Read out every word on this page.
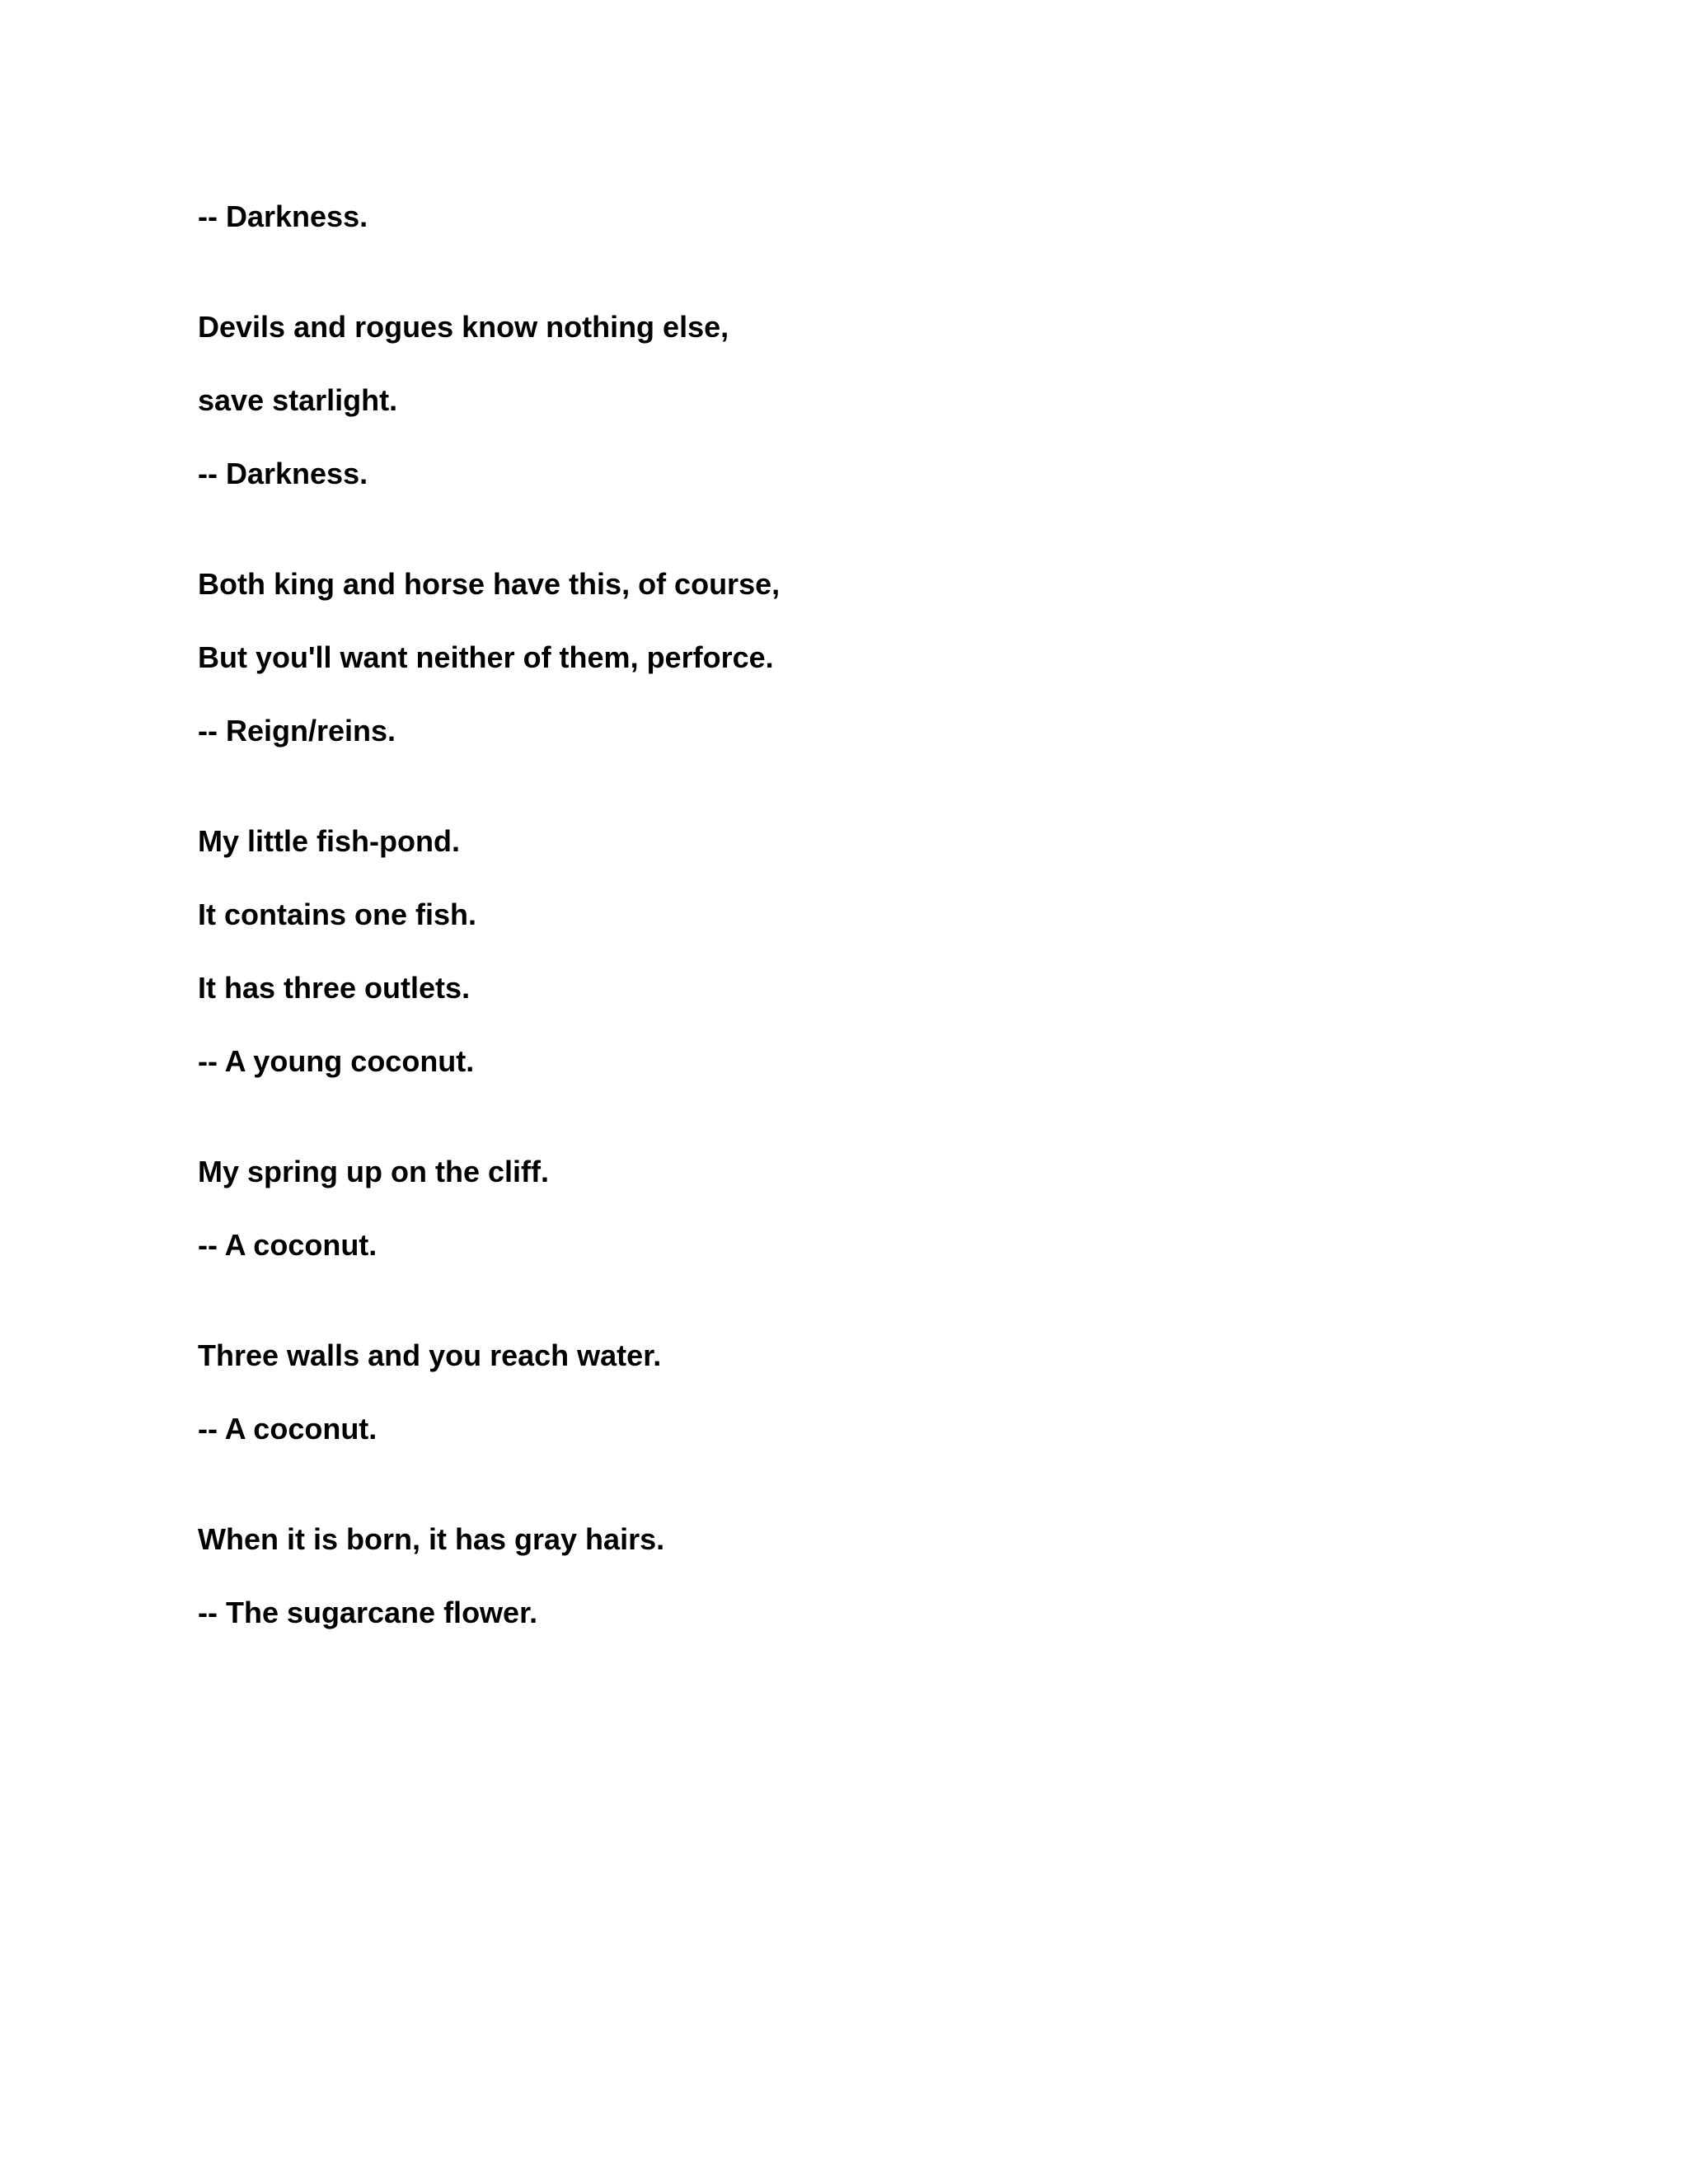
-- Darkness.
Devils and rogues know nothing else,
save starlight.
-- Darkness.
Both king and horse have this, of course,
But you'll want neither of them, perforce.
-- Reign/reins.
My little fish-pond.
It contains one fish.
It has three outlets.
-- A young coconut.
My spring up on the cliff.
-- A coconut.
Three walls and you reach water.
-- A coconut.
When it is born, it has gray hairs.
-- The sugarcane flower.
